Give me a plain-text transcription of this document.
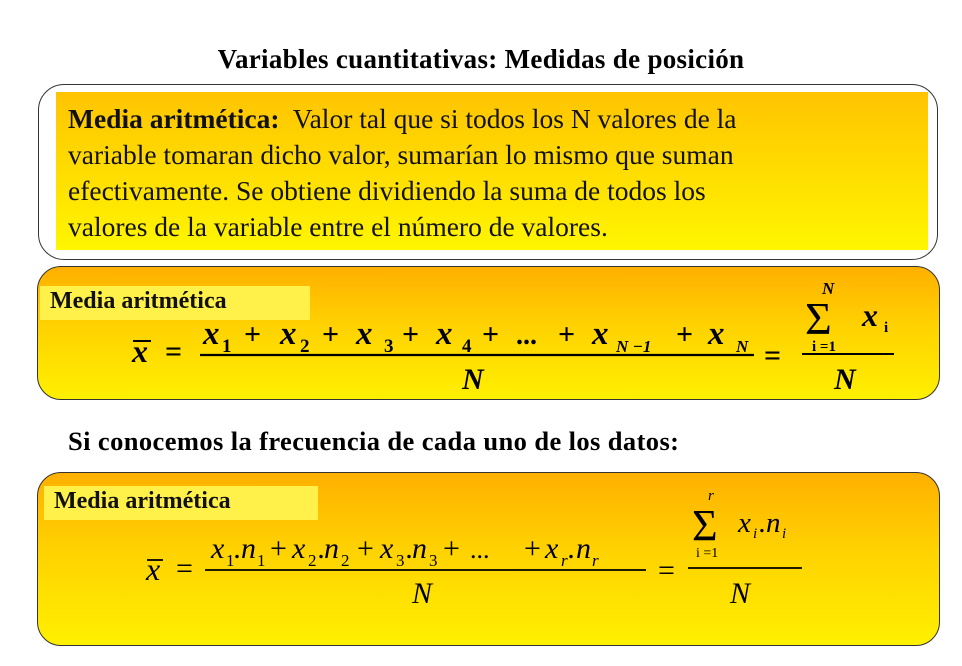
Variables cuantitativas: Medidas de posición
Media aritmética: Valor tal que si todos los N valores de la
variable tomaran dicho valor, sumarían lo mismo que suman
efectivamente. Se obtiene dividiendo la suma de todos los
valores de la variable entre el número de valores.
Media aritmética
x = x 1 + x 2 + x 3 + x 4 + ... + x N −1 + x N
N
=
N
Σ
i =1
x i
N
Si conocemos la frecuencia de cada uno de los datos:
Media aritmética
x =
x 1 . n 1 + x 2 .
n 2 + x 3 .
n 3 + ... + x r . n r
N
=
r
Σ
i =1
x i . n i
N
